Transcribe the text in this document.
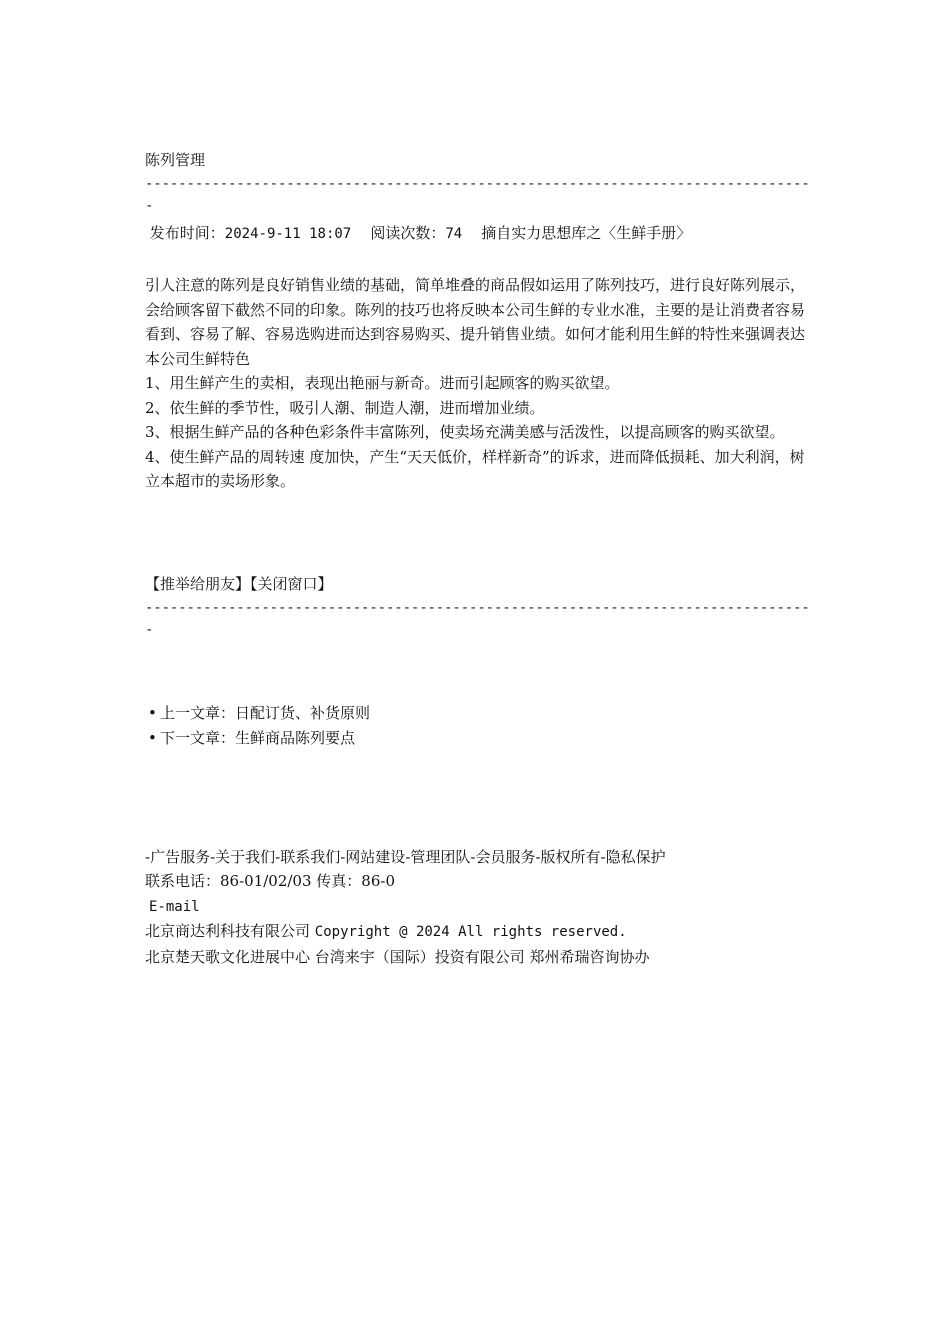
陈列管理
---------------------------------------------------------------------------------
发布时间：2024-9-11 18:07 阅读次数：74 摘自实力思想库之〈生鲜手册〉

引人注意的陈列是良好销售业绩的基础，简单堆叠的商品假如运用了陈列技巧，进行良好陈列展示，会给顾客留下截然不同的印象。陈列的技巧也将反映本公司生鲜的专业水准，主要的是让消费者容易看到、容易了解、容易选购进而达到容易购买、提升销售业绩。如何才能利用生鲜的特性来强调表达本公司生鲜特色

1、用生鲜产生的卖相，表现出艳丽与新奇。进而引起顾客的购买欲望。

2、依生鲜的季节性，吸引人潮、制造人潮，进而增加业绩。

3、根据生鲜产品的各种色彩条件丰富陈列，使卖场充满美感与活泼性，以提高顾客的购买欲望。

4、使生鲜产品的周转速 度加快，产生“天天低价，样样新奇”的诉求，进而降低损耗、加大利润，树立本超市的卖场形象。

【推举给朋友】【关闭窗口】
---------------------------------------------------------------------------------
• 上一文章：日配订货、补货原则
• 下一文章：生鲜商品陈列要点
-广告服务-关于我们-联系我们-网站建设-管理团队-会员服务-版权所有-隐私保护
联系电话：86-01/02/03 传真：86-0
E-mail
北京商达利科技有限公司 Copyright @ 2024 All rights reserved.
北京楚天歌文化进展中心 台湾来宇（国际）投资有限公司 郑州希瑞咨询协办
